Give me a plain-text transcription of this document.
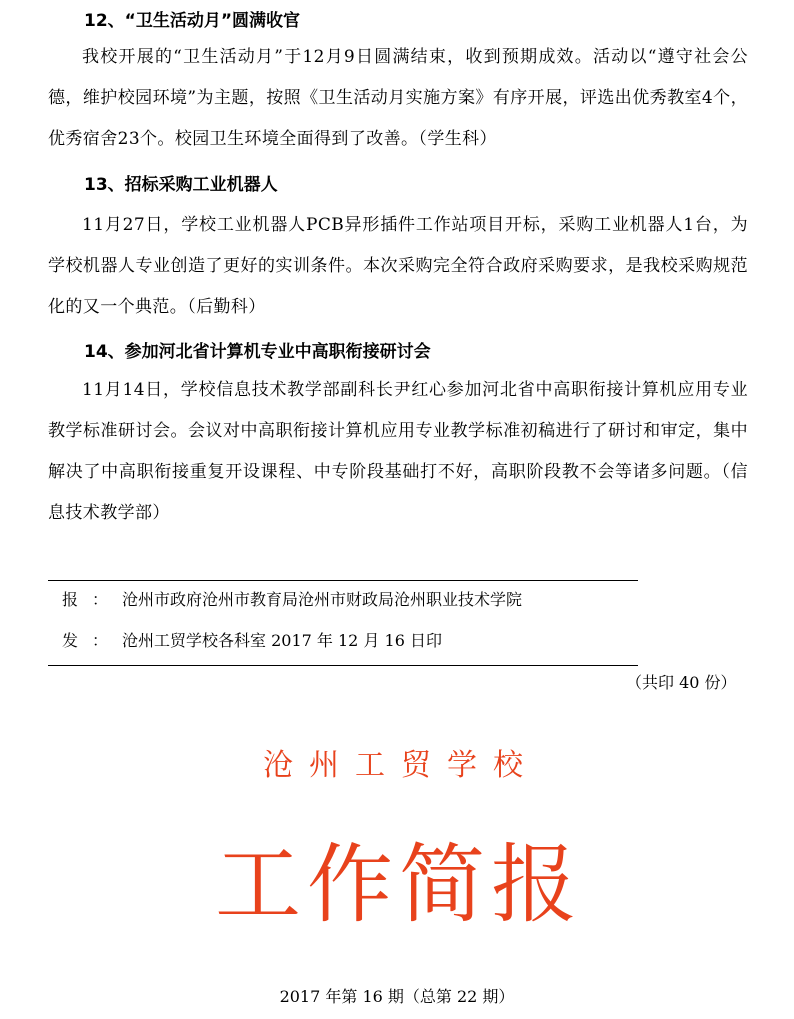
12、“卫生活动月”圆满收官
我校开展的“卫生活动月”于12月9日圆满结束，收到预期成效。活动以“遵守社会公德，维护校园环境”为主题，按照《卫生活动月实施方案》有序开展，评选出优秀教室4个，优秀宿舍23个。校园卫生环境全面得到了改善。（学生科）
13、招标采购工业机器人
11月27日，学校工业机器人PCB异形插件工作站项目开标，采购工业机器人1台，为学校机器人专业创造了更好的实训条件。本次采购完全符合政府采购要求，是我校采购规范化的又一个典范。（后勤科）
14、参加河北省计算机专业中高职衔接研讨会
11月14日，学校信息技术教学部副科长尹红心参加河北省中高职衔接计算机应用专业教学标准研讨会。会议对中高职衔接计算机应用专业教学标准初稿进行了研讨和审定，集中解决了中高职衔接重复开设课程、中专阶段基础打不好，高职阶段教不会等诸多问题。（信息技术教学部）
报：沧州市政府沧州市教育局沧州市财政局沧州职业技术学院
发：沧州工贸学校各科室 2017 年 12 月 16 日印
（共印 40 份）
沧州工贸学校
工作简报
2017 年第 16 期（总第 22 期）
